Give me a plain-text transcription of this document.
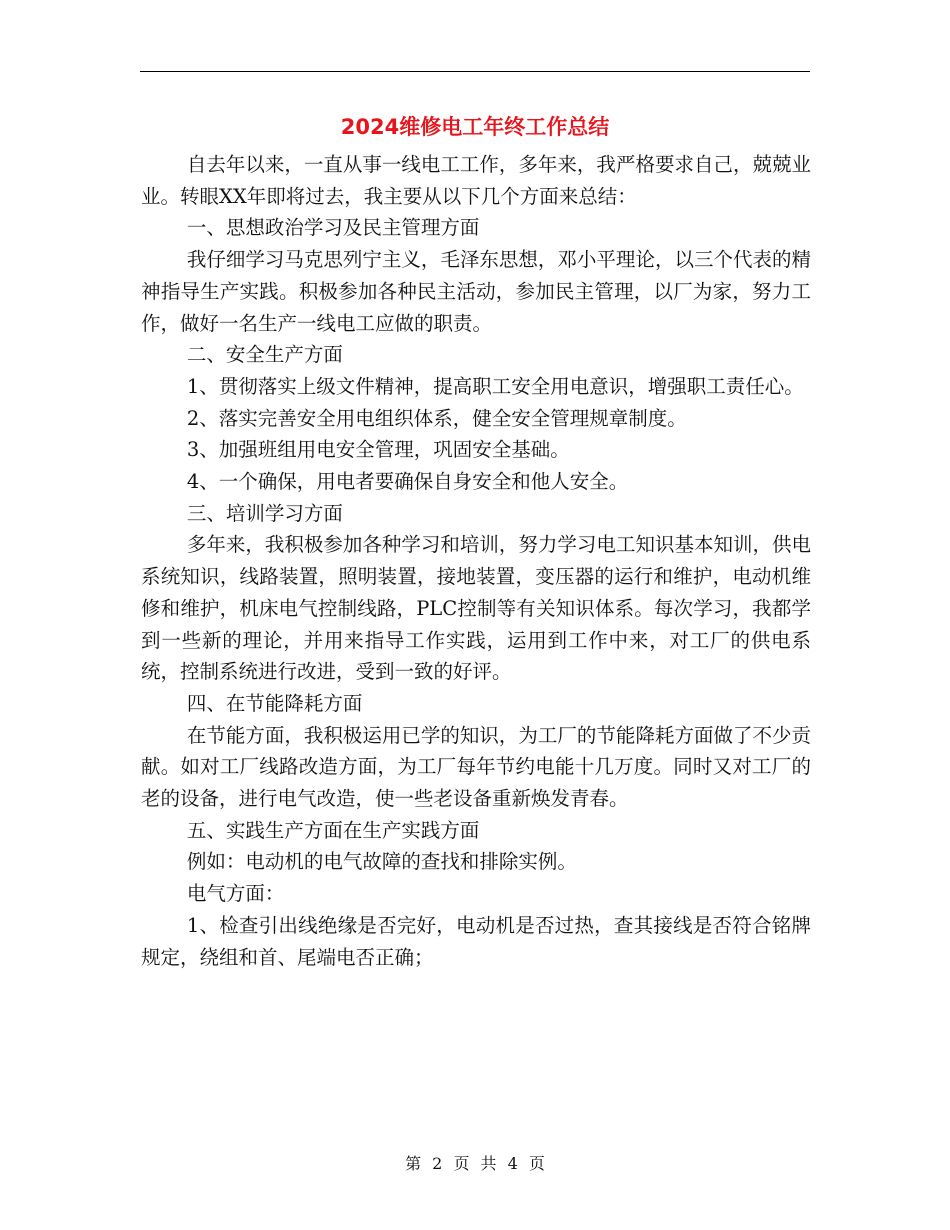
2024维修电工年终工作总结

自去年以来，一直从事一线电工工作，多年来，我严格要求自己，兢兢业业。转眼XX年即将过去，我主要从以下几个方面来总结：

一、思想政治学习及民主管理方面

我仔细学习马克思列宁主义，毛泽东思想，邓小平理论，以三个代表的精神指导生产实践。积极参加各种民主活动，参加民主管理，以厂为家，努力工作，做好一名生产一线电工应做的职责。

二、安全生产方面

1、贯彻落实上级文件精神，提高职工安全用电意识，增强职工责任心。

2、落实完善安全用电组织体系，健全安全管理规章制度。

3、加强班组用电安全管理，巩固安全基础。

4、一个确保，用电者要确保自身安全和他人安全。

三、培训学习方面

多年来，我积极参加各种学习和培训，努力学习电工知识基本知训，供电系统知识，线路装置，照明装置，接地装置，变压器的运行和维护，电动机维修和维护，机床电气控制线路，PLC控制等有关知识体系。每次学习，我都学到一些新的理论，并用来指导工作实践，运用到工作中来，对工厂的供电系统，控制系统进行改进，受到一致的好评。

四、在节能降耗方面

在节能方面，我积极运用已学的知识，为工厂的节能降耗方面做了不少贡献。如对工厂线路改造方面，为工厂每年节约电能十几万度。同时又对工厂的老的设备，进行电气改造，使一些老设备重新焕发青春。

五、实践生产方面在生产实践方面

例如：电动机的电气故障的查找和排除实例。

电气方面：

1、检查引出线绝缘是否完好，电动机是否过热，查其接线是否符合铭牌规定，绕组和首、尾端电否正确；

第 2 页 共 4 页
